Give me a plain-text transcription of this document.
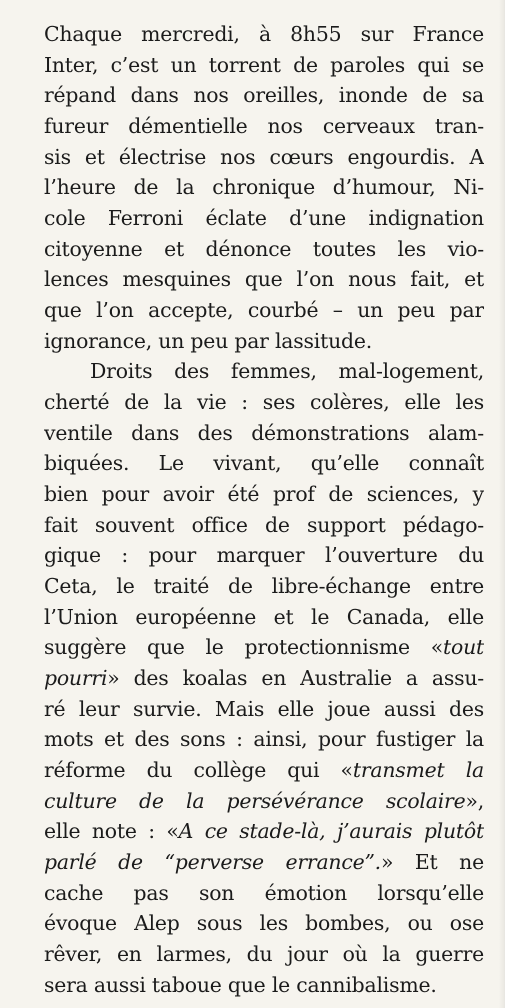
Chaque mercredi, à 8h55 sur France
Inter, c’est un torrent de paroles qui se
répand dans nos oreilles, inonde de sa
fureur démentielle nos cerveaux tran-
sis et électrise nos cœurs engourdis. A
l’heure de la chronique d’humour, Ni-
cole Ferroni éclate d’une indignation
citoyenne et dénonce toutes les vio-
lences mesquines que l’on nous fait, et
que l’on accepte, courbé – un peu par
ignorance, un peu par lassitude.
Droits des femmes, mal-logement,
cherté de la vie : ses colères, elle les
ventile dans des démonstrations alam-
biquées. Le vivant, qu’elle connaît
bien pour avoir été prof de sciences, y
fait souvent office de support pédago-
gique : pour marquer l’ouverture du
Ceta, le traité de libre-échange entre
l’Union européenne et le Canada, elle
suggère que le protectionnisme «tout
pourri» des koalas en Australie a assu-
ré leur survie. Mais elle joue aussi des
mots et des sons : ainsi, pour fustiger la
réforme du collège qui «transmet la
culture de la persévérance scolaire»,
elle note : «A ce stade-là, j’aurais plutôt
parlé de “perverse errance”.» Et ne
cache pas son émotion lorsqu’elle
évoque Alep sous les bombes, ou ose
rêver, en larmes, du jour où la guerre
sera aussi taboue que le cannibalisme.
